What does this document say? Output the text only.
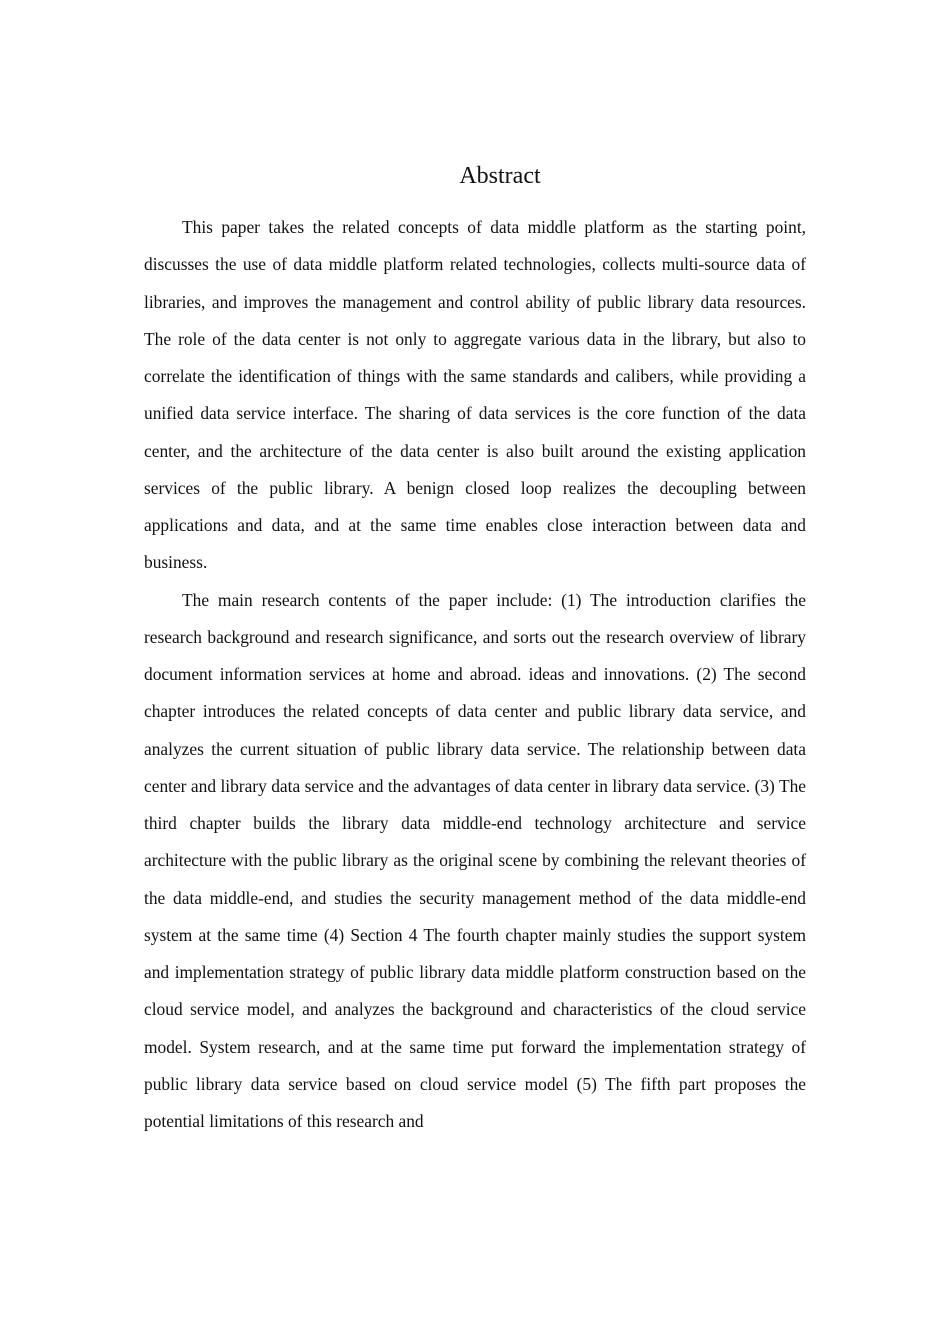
Abstract

This paper takes the related concepts of data middle platform as the starting point, discusses the use of data middle platform related technologies, collects multi-source data of libraries, and improves the management and control ability of public library data resources. The role of the data center is not only to aggregate various data in the library, but also to correlate the identification of things with the same standards and calibers, while providing a unified data service interface. The sharing of data services is the core function of the data center, and the architecture of the data center is also built around the existing application services of the public library. A benign closed loop realizes the decoupling between applications and data, and at the same time enables close interaction between data and business.

The main research contents of the paper include: (1) The introduction clarifies the research background and research significance, and sorts out the research overview of library document information services at home and abroad. ideas and innovations. (2) The second chapter introduces the related concepts of data center and public library data service, and analyzes the current situation of public library data service. The relationship between data center and library data service and the advantages of data center in library data service. (3) The third chapter builds the library data middle-end technology architecture and service architecture with the public library as the original scene by combining the relevant theories of the data middle-end, and studies the security management method of the data middle-end system at the same time (4) Section 4 The fourth chapter mainly studies the support system and implementation strategy of public library data middle platform construction based on the cloud service model, and analyzes the background and characteristics of the cloud service model. System research, and at the same time put forward the implementation strategy of public library data service based on cloud service model (5) The fifth part proposes the potential limitations of this research and
